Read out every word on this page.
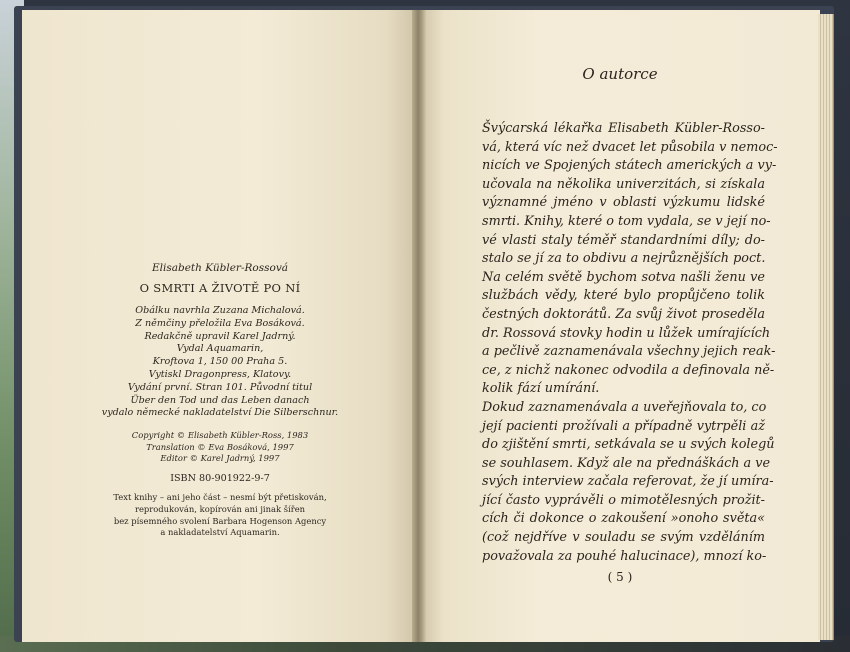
Elisabeth Kübler-Rossová
O SMRTI A ŽIVOTĚ PO NÍ
Obálku navrhla Zuzana Michalová.
Z němčiny přeložila Eva Bosáková.
Redakčně upravil Karel Jadrný.
Vydal Aquamarin,
Kroftova 1, 150 00 Praha 5.
Vytiskl Dragonpress, Klatovy.
Vydání první. Stran 101. Původní titul
Über den Tod und das Leben danach
vydalo německé nakladatelství Die Silberschnur.
Copyright © Elisabeth Kübler-Ross, 1983
Translation © Eva Bosáková, 1997
Editor © Karel Jadrný, 1997
ISBN 80-901922-9-7
Text knihy – ani jeho část – nesmí být přetiskován,
reprodukován, kopírován ani jinak šířen
bez písemného svolení Barbara Hogenson Agency
a nakladatelství Aquamarin.
O autorce
Švýcarská lékařka Elisabeth Kübler-Rosso-
vá, která víc než dvacet let působila v nemoc-
nicích ve Spojených státech amerických a vy-
učovala na několika univerzitách, si získala
významné jméno v oblasti výzkumu lidské
smrti. Knihy, které o tom vydala, se v její no-
vé vlasti staly téměř standardními díly; do-
stalo se jí za to obdivu a nejrůznějších poct.
Na celém světě bychom sotva našli ženu ve
službách vědy, které bylo propůjčeno tolik
čestných doktorátů. Za svůj život proseděla
dr. Rossová stovky hodin u lůžek umírajících
a pečlivě zaznamenávala všechny jejich reak-
ce, z nichž nakonec odvodila a definovala ně-
kolik fází umírání.
Dokud zaznamenávala a uveřejňovala to, co
její pacienti prožívali a případně vytrpěli až
do zjištění smrti, setkávala se u svých kolegů
se souhlasem. Když ale na přednáškách a ve
svých interview začala referovat, že jí umíra-
jící často vyprávěli o mimotělesných prožit-
cích či dokonce o zakoušení »onoho světa«
(což nejdříve v souladu se svým vzděláním
považovala za pouhé halucinace), mnozí ko-
( 5 )
